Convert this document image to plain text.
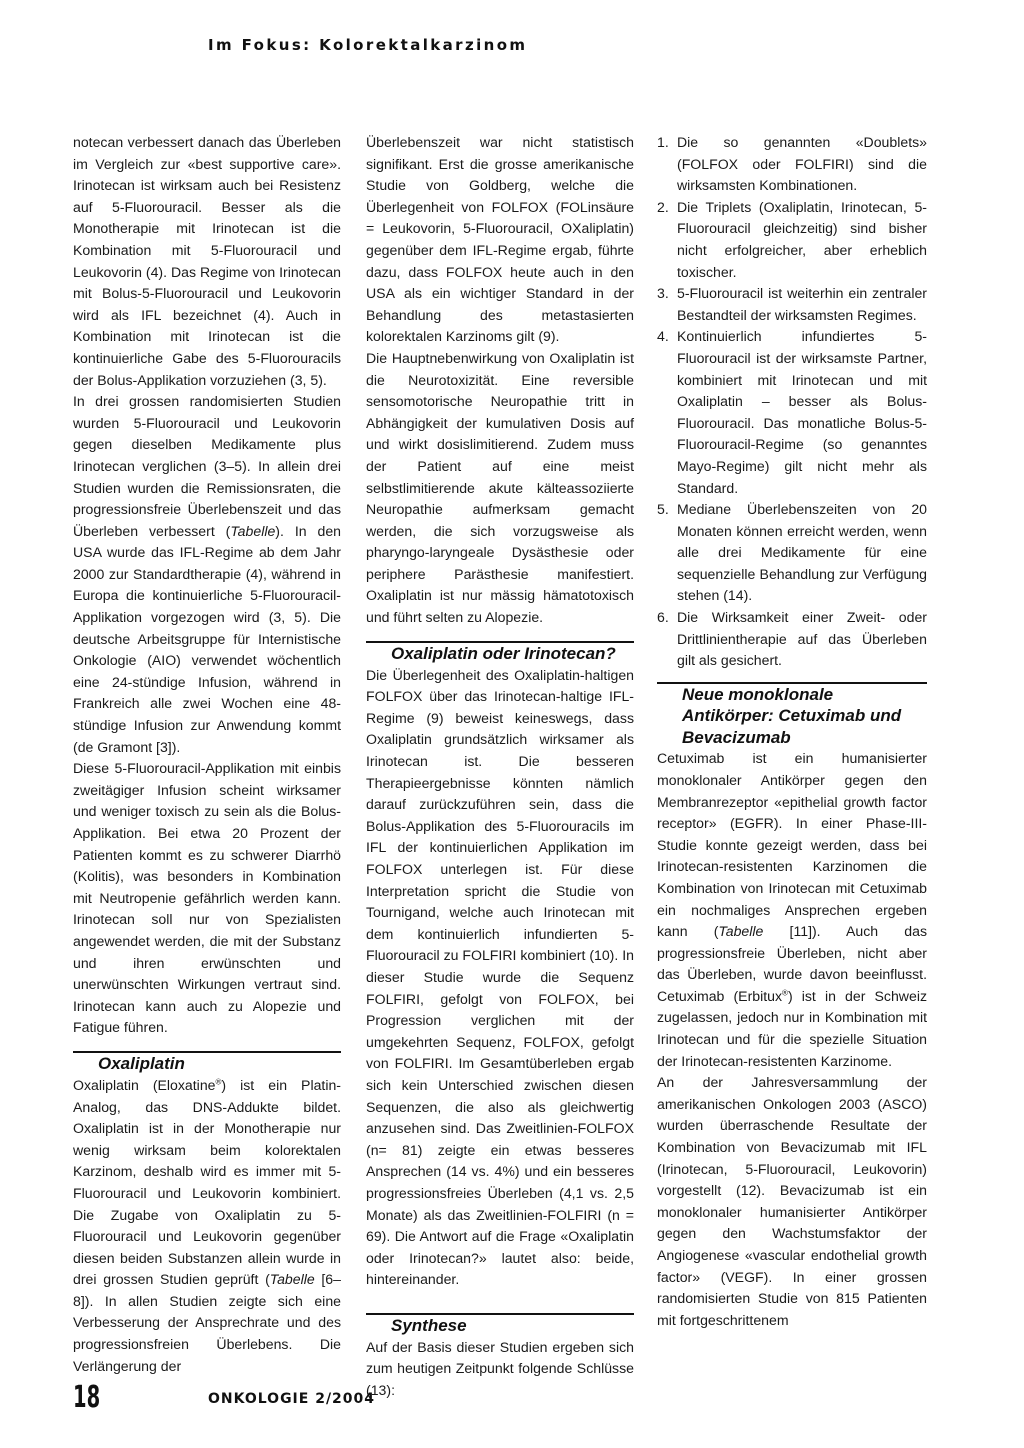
Im Fokus: Kolorektalkarzinom

notecan verbessert danach das Überleben im Vergleich zur «best supportive care». Irinotecan ist wirksam auch bei Resistenz auf 5-Fluorouracil. Besser als die Monotherapie mit Irinotecan ist die Kombination mit 5-Fluorouracil und Leukovorin (4). Das Regime von Irinotecan mit Bolus-5-Fluorouracil und Leukovorin wird als IFL bezeichnet (4). Auch in Kombination mit Irinotecan ist die kontinuierliche Gabe des 5-Fluorouracils der Bolus-Applikation vorzuziehen (3, 5).

In drei grossen randomisierten Studien wurden 5-Fluorouracil und Leukovorin gegen dieselben Medikamente plus Irinotecan verglichen (3–5). In allein drei Studien wurden die Remissionsraten, die progressionsfreie Überlebenszeit und das Überleben verbessert (Tabelle). In den USA wurde das IFL-Regime ab dem Jahr 2000 zur Standardtherapie (4), während in Europa die kontinuierliche 5-Fluorouracil-Applikation vorgezogen wird (3, 5). Die deutsche Arbeitsgruppe für Internistische Onkologie (AIO) verwendet wöchentlich eine 24-stündige Infusion, während in Frankreich alle zwei Wochen eine 48-stündige Infusion zur Anwendung kommt (de Gramont [3]).

Diese 5-Fluorouracil-Applikation mit einbis zweitägiger Infusion scheint wirksamer und weniger toxisch zu sein als die Bolus-Applikation. Bei etwa 20 Prozent der Patienten kommt es zu schwerer Diarrhö (Kolitis), was besonders in Kombination mit Neutropenie gefährlich werden kann. Irinotecan soll nur von Spezialisten angewendet werden, die mit der Substanz und ihren erwünschten und unerwünschten Wirkungen vertraut sind. Irinotecan kann auch zu Alopezie und Fatigue führen.

Oxaliplatin

Oxaliplatin (Eloxatine®) ist ein Platin-Analog, das DNS-Addukte bildet. Oxaliplatin ist in der Monotherapie nur wenig wirksam beim kolorektalen Karzinom, deshalb wird es immer mit 5-Fluorouracil und Leukovorin kombiniert. Die Zugabe von Oxaliplatin zu 5-Fluorouracil und Leukovorin gegenüber diesen beiden Substanzen allein wurde in drei grossen Studien geprüft (Tabelle [6–8]). In allen Studien zeigte sich eine Verbesserung der Ansprechrate und des progressionsfreien Überlebens. Die Verlängerung der

Überlebenszeit war nicht statistisch signifikant. Erst die grosse amerikanische Studie von Goldberg, welche die Überlegenheit von FOLFOX (FOLinsäure = Leukovorin, 5-Fluorouracil, OXaliplatin) gegenüber dem IFL-Regime ergab, führte dazu, dass FOLFOX heute auch in den USA als ein wichtiger Standard in der Behandlung des metastasierten kolorektalen Karzinoms gilt (9).

Die Hauptnebenwirkung von Oxaliplatin ist die Neurotoxizität. Eine reversible sensomotorische Neuropathie tritt in Abhängigkeit der kumulativen Dosis auf und wirkt dosislimitierend. Zudem muss der Patient auf eine meist selbstlimitierende akute kälteassoziierte Neuropathie aufmerksam gemacht werden, die sich vorzugsweise als pharyngo-laryngeale Dysästhesie oder periphere Parästhesie manifestiert. Oxaliplatin ist nur mässig hämatotoxisch und führt selten zu Alopezie.

Oxaliplatin oder Irinotecan?

Die Überlegenheit des Oxaliplatin-haltigen FOLFOX über das Irinotecan-haltige IFL-Regime (9) beweist keineswegs, dass Oxaliplatin grundsätzlich wirksamer als Irinotecan ist. Die besseren Therapieergebnisse könnten nämlich darauf zurückzuführen sein, dass die Bolus-Applikation des 5-Fluorouracils im IFL der kontinuierlichen Applikation im FOLFOX unterlegen ist. Für diese Interpretation spricht die Studie von Tournigand, welche auch Irinotecan mit dem kontinuierlich infundierten 5-Fluorouracil zu FOLFIRI kombiniert (10). In dieser Studie wurde die Sequenz FOLFIRI, gefolgt von FOLFOX, bei Progression verglichen mit der umgekehrten Sequenz, FOLFOX, gefolgt von FOLFIRI. Im Gesamtüberleben ergab sich kein Unterschied zwischen diesen Sequenzen, die also als gleichwertig anzusehen sind. Das Zweitlinien-FOLFOX (n= 81) zeigte ein etwas besseres Ansprechen (14 vs. 4%) und ein besseres progressionsfreies Überleben (4,1 vs. 2,5 Monate) als das Zweitlinien-FOLFIRI (n = 69). Die Antwort auf die Frage «Oxaliplatin oder Irinotecan?» lautet also: beide, hintereinander.

Synthese

Auf der Basis dieser Studien ergeben sich zum heutigen Zeitpunkt folgende Schlüsse (13):

1. Die so genannten «Doublets» (FOLFOX oder FOLFIRI) sind die wirksamsten Kombinationen.
2. Die Triplets (Oxaliplatin, Irinotecan, 5-Fluorouracil gleichzeitig) sind bisher nicht erfolgreicher, aber erheblich toxischer.
3. 5-Fluorouracil ist weiterhin ein zentraler Bestandteil der wirksamsten Regimes.
4. Kontinuierlich infundiertes 5-Fluorouracil ist der wirksamste Partner, kombiniert mit Irinotecan und mit Oxaliplatin – besser als Bolus-Fluorouracil. Das monatliche Bolus-5-Fluorouracil-Regime (so genanntes Mayo-Regime) gilt nicht mehr als Standard.
5. Mediane Überlebenszeiten von 20 Monaten können erreicht werden, wenn alle drei Medikamente für eine sequenzielle Behandlung zur Verfügung stehen (14).
6. Die Wirksamkeit einer Zweit- oder Drittlinientherapie auf das Überleben gilt als gesichert.
Neue monoklonale Antikörper: Cetuximab und Bevacizumab

Cetuximab ist ein humanisierter monoklonaler Antikörper gegen den Membranrezeptor «epithelial growth factor receptor» (EGFR). In einer Phase-III-Studie konnte gezeigt werden, dass bei Irinotecan-resistenten Karzinomen die Kombination von Irinotecan mit Cetuximab ein nochmaliges Ansprechen ergeben kann (Tabelle [11]). Auch das progressionsfreie Überleben, nicht aber das Überleben, wurde davon beeinflusst. Cetuximab (Erbitux®) ist in der Schweiz zugelassen, jedoch nur in Kombination mit Irinotecan und für die spezielle Situation der Irinotecan-resistenten Karzinome.

An der Jahresversammlung der amerikanischen Onkologen 2003 (ASCO) wurden überraschende Resultate der Kombination von Bevacizumab mit IFL (Irinotecan, 5-Fluorouracil, Leukovorin) vorgestellt (12). Bevacizumab ist ein monoklonaler humanisierter Antikörper gegen den Wachstumsfaktor der Angiogenese «vascular endothelial growth factor» (VEGF). In einer grossen randomisierten Studie von 815 Patienten mit fortgeschrittenem

18	ONKOLOGIE 2/2004
